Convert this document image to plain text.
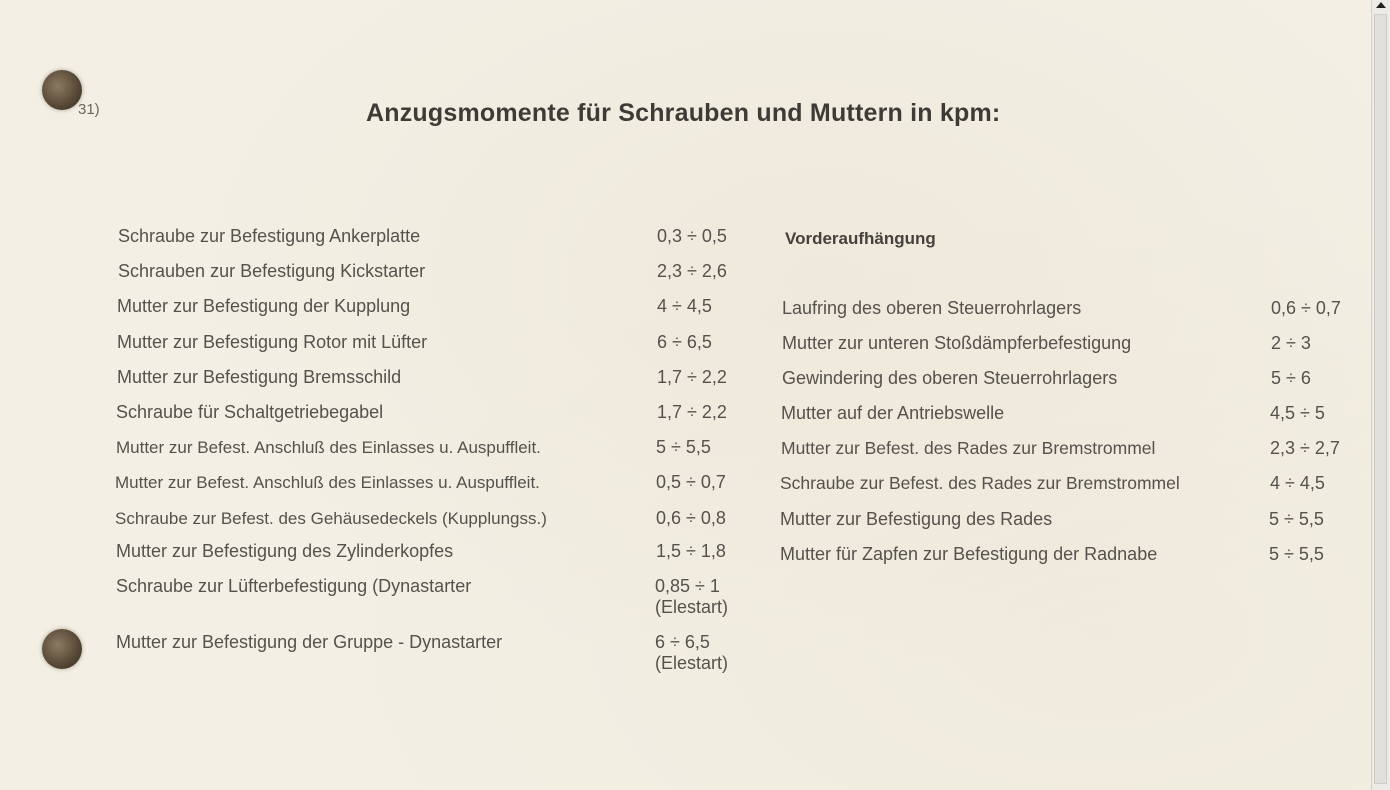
31)	Anzugsmomente für Schrauben und Muttern in kpm:
Schraube zur Befestigung Ankerplatte	0,3 ÷ 0,5
Schrauben zur Befestigung Kickstarter	2,3 ÷ 2,6
Mutter zur Befestigung der Kupplung	4 ÷ 4,5
Mutter zur Befestigung Rotor mit Lüfter	6 ÷ 6,5
Mutter zur Befestigung Bremsschild	1,7 ÷ 2,2
Schraube für Schaltgetriebegabel	1,7 ÷ 2,2
Mutter zur Befest. Anschluß des Einlasses u. Auspuffleit.	5 ÷ 5,5
Mutter zur Befest. Anschluß des Einlasses u. Auspuffleit.	0,5 ÷ 0,7
Schraube zur Befest. des Gehäusedeckels (Kupplungss.)	0,6 ÷ 0,8
Mutter zur Befestigung des Zylinderkopfes	1,5 ÷ 1,8
Schraube zur Lüfterbefestigung (Dynastarter	0,85 ÷ 1
(Elestart)
Mutter zur Befestigung der Gruppe - Dynastarter	6 ÷ 6,5
(Elestart)
Vorderaufhängung
Laufring des oberen Steuerrohrlagers	0,6 ÷ 0,7
Mutter zur unteren Stoßdämpferbefestigung	2 ÷ 3
Gewindering des oberen Steuerrohrlagers	5 ÷ 6
Mutter auf der Antriebswelle	4,5 ÷ 5
Mutter zur Befest. des Rades zur Bremstrommel	2,3 ÷ 2,7
Schraube zur Befest. des Rades zur Bremstrommel	4 ÷ 4,5
Mutter zur Befestigung des Rades	5 ÷ 5,5
Mutter für Zapfen zur Befestigung der Radnabe	5 ÷ 5,5
